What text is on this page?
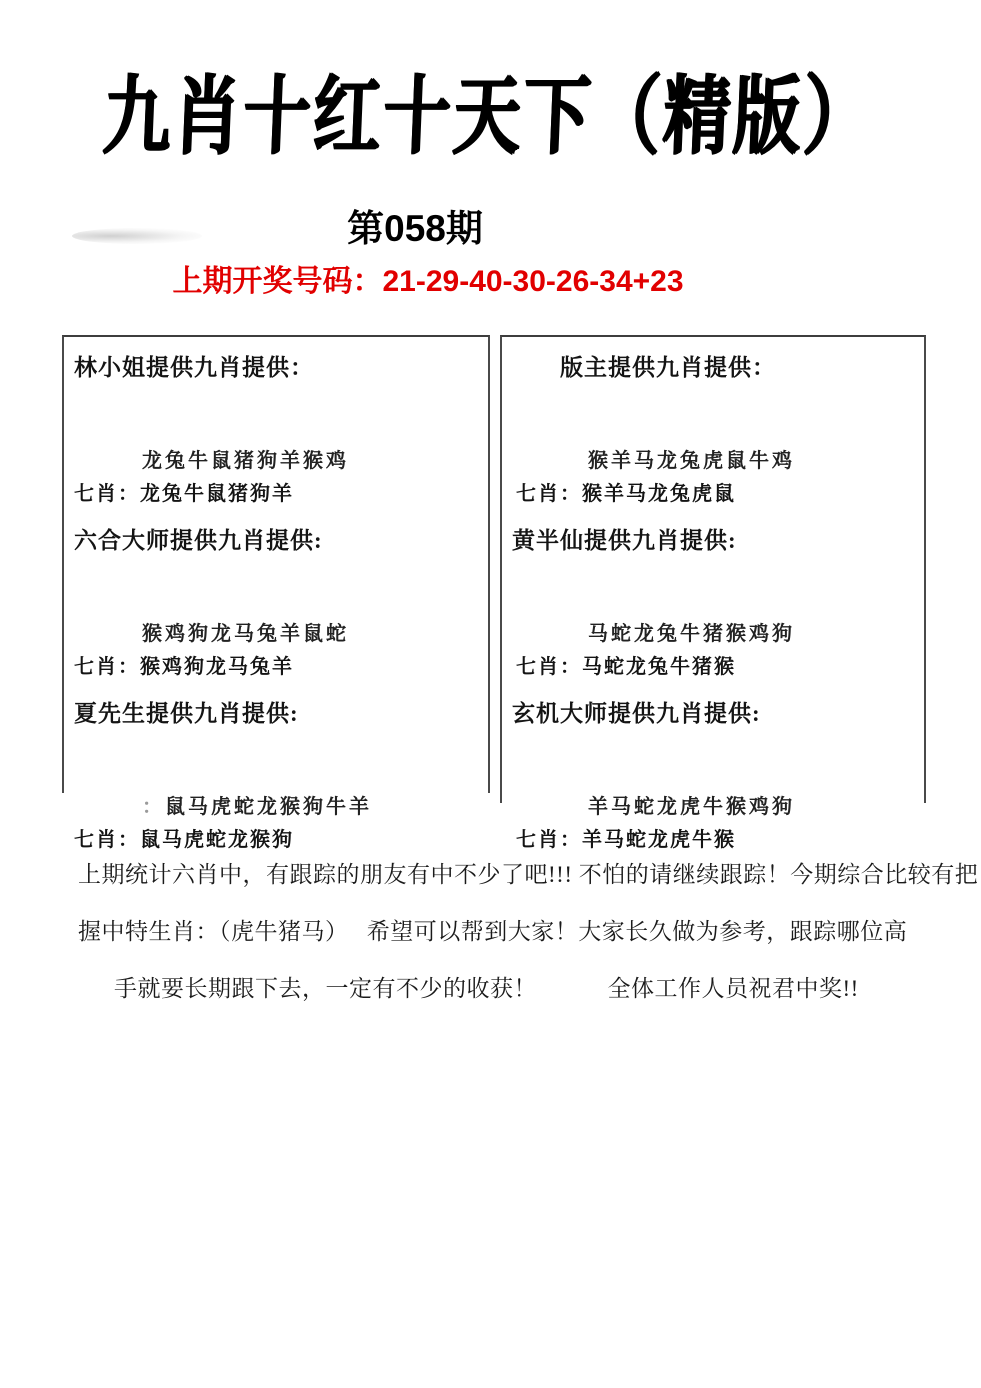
九肖十红十天下（精版）
第058期
上期开奖号码：21-29-40-30-26-34+23
林小姐提供九肖提供：
龙兔牛鼠猪狗羊猴鸡
七肖：龙兔牛鼠猪狗羊
六合大师提供九肖提供:
猴鸡狗龙马兔羊鼠蛇
七肖：猴鸡狗龙马兔羊
夏先生提供九肖提供:
：鼠马虎蛇龙猴狗牛羊
七肖：鼠马虎蛇龙猴狗
版主提供九肖提供：
猴羊马龙兔虎鼠牛鸡
七肖：猴羊马龙兔虎鼠
黄半仙提供九肖提供:
马蛇龙兔牛猪猴鸡狗
七肖：马蛇龙兔牛猪猴
玄机大师提供九肖提供:
羊马蛇龙虎牛猴鸡狗
七肖：羊马蛇龙虎牛猴
上期统计六肖中，有跟踪的朋友有中不少了吧!!! 不怕的请继续跟踪！今期综合比较有把
握中特生肖：（虎牛猪马）　 希望可以帮到大家！大家长久做为参考，跟踪哪位高
手就要长期跟下去，一定有不少的收获！　　　全体工作人员祝君中奖!!
